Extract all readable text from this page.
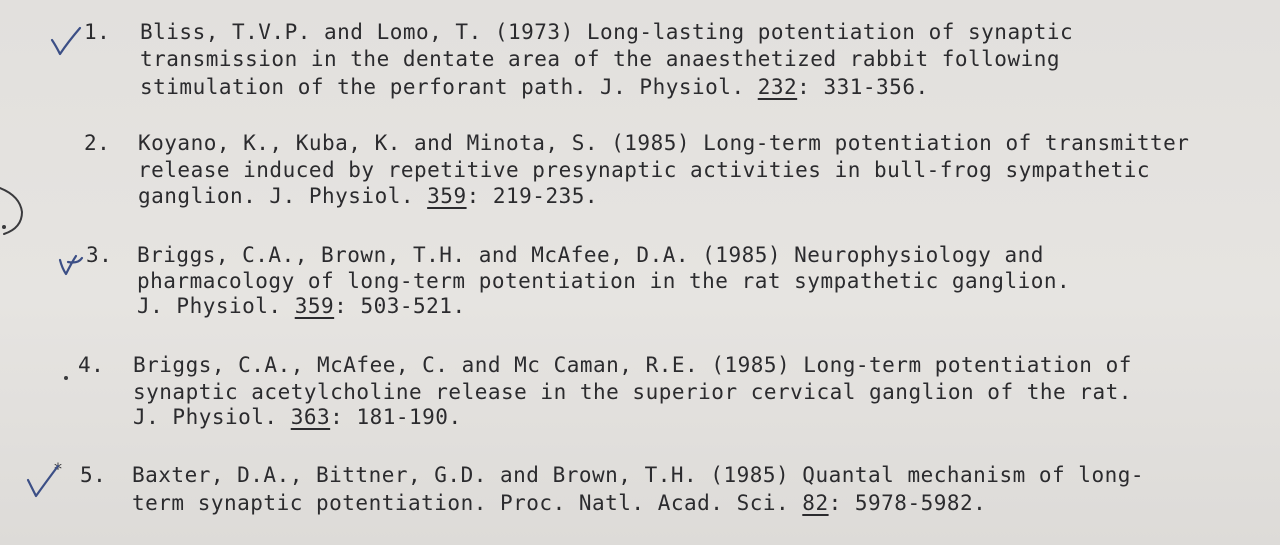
1. Bliss, T.V.P. and Lomo, T. (1973) Long-lasting potentiation of synaptic
transmission in the dentate area of the anaesthetized rabbit following
stimulation of the perforant path. J. Physiol. 232: 331-356.
2. Koyano, K., Kuba, K. and Minota, S. (1985) Long-term potentiation of transmitter
release induced by repetitive presynaptic activities in bull-frog sympathetic
ganglion. J. Physiol. 359: 219-235.
3. Briggs, C.A., Brown, T.H. and McAfee, D.A. (1985) Neurophysiology and
pharmacology of long-term potentiation in the rat sympathetic ganglion.
J. Physiol. 359: 503-521.
4. Briggs, C.A., McAfee, C. and Mc Caman, R.E. (1985) Long-term potentiation of
synaptic acetylcholine release in the superior cervical ganglion of the rat.
J. Physiol. 363: 181-190.
5. Baxter, D.A., Bittner, G.D. and Brown, T.H. (1985) Quantal mechanism of long-
term synaptic potentiation. Proc. Natl. Acad. Sci. 82: 5978-5982.
*
